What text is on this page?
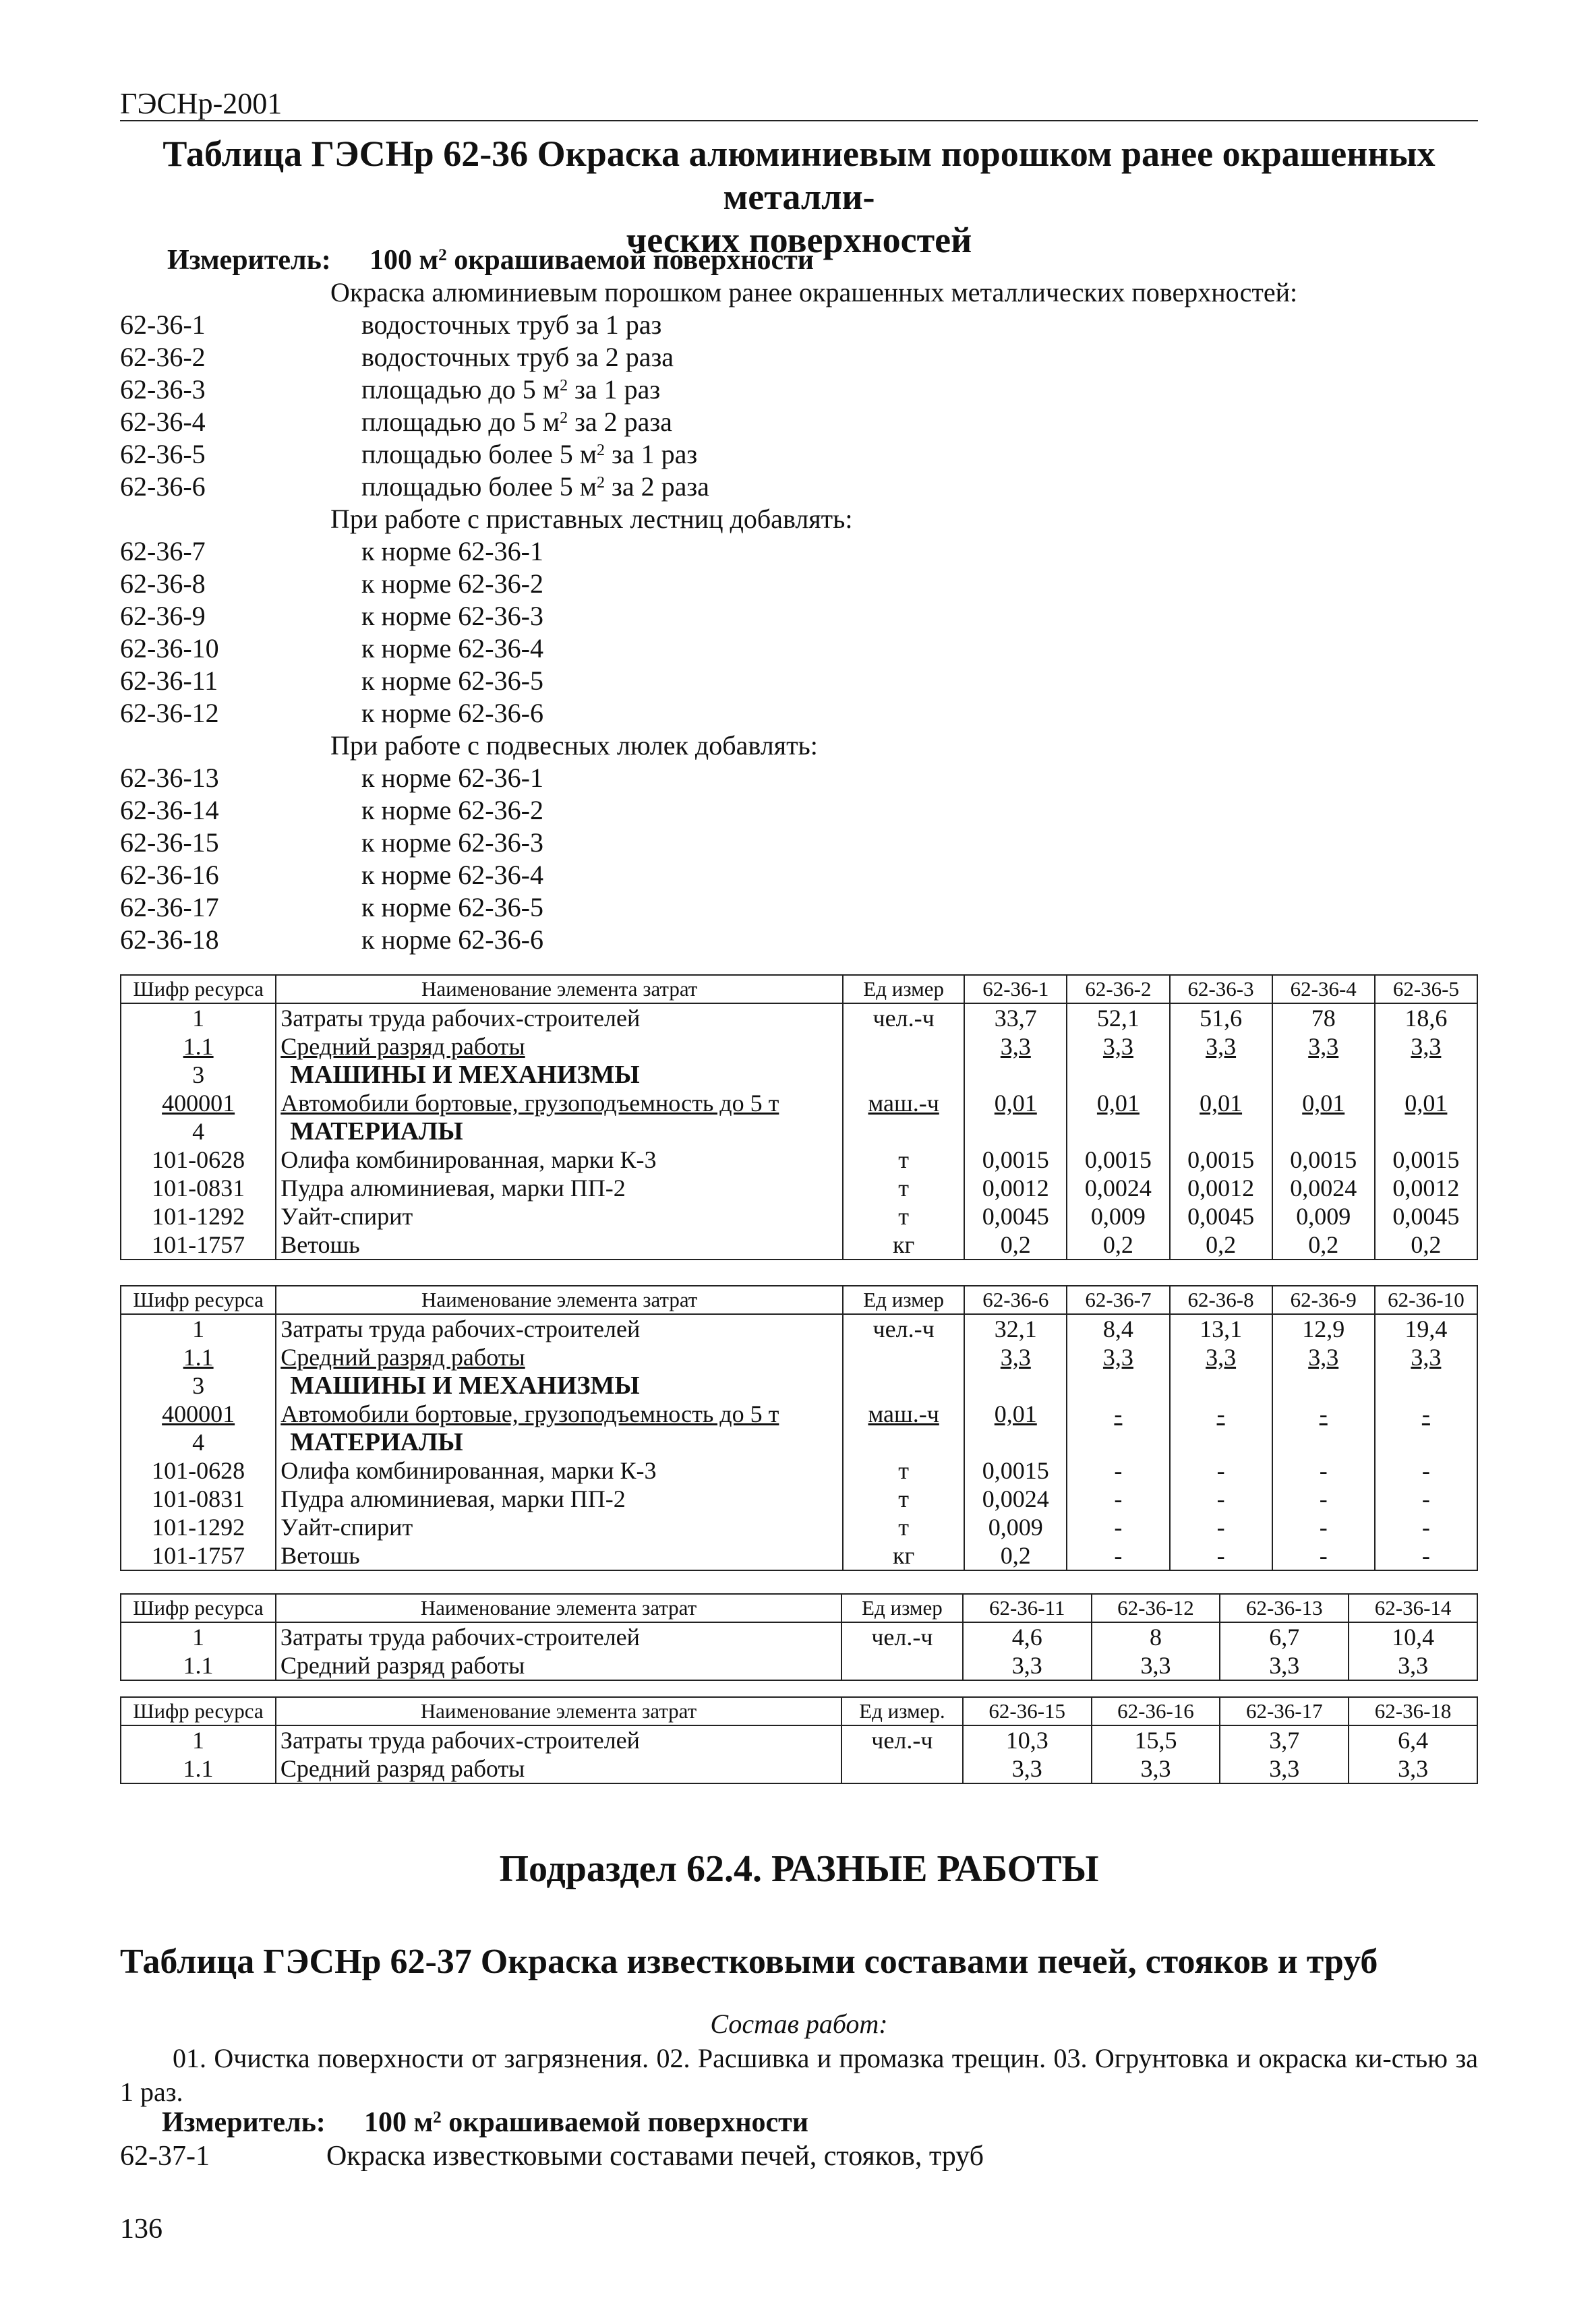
ГЭСНр-2001
Таблица ГЭСНр 62-36 Окраска алюминиевым порошком ранее окрашенных металли-
ческих поверхностей
Измеритель: 100 $м^2$ окрашиваемой поверхности
Окраска алюминиевым порошком ранее окрашенных металлических поверхностей:
62-36-1	водосточных труб за 1 раз
62-36-2	водосточных труб за 2 раза
62-36-3	площадью до 5 $м^2$ за 1 раз
62-36-4	площадью до 5 $м^2$ за 2 раза
62-36-5	площадью более 5 $м^2$ за 1 раз
62-36-6	площадью более 5 $м^2$ за 2 раза
При работе с приставных лестниц добавлять:
62-36-7	к норме 62-36-1
62-36-8	к норме 62-36-2
62-36-9	к норме 62-36-3
62-36-10	к норме 62-36-4
62-36-11	к норме 62-36-5
62-36-12	к норме 62-36-6
При работе с подвесных люлек добавлять:
62-36-13	к норме 62-36-1
62-36-14	к норме 62-36-2
62-36-15	к норме 62-36-3
62-36-16	к норме 62-36-4
62-36-17	к норме 62-36-5
62-36-18	к норме 62-36-6
Шифр ресурса	Наименование элемента затрат	Ед измер	62-36-1	62-36-2	62-36-3	62-36-4	62-36-5
1	Затраты труда рабочих-строителей	чел.-ч	33,7	52,1	51,6	78	18,6
1.1	Средний разряд работы		3,3	3,3	3,3	3,3	3,3
3	МАШИНЫ И МЕХАНИЗМЫ						
400001	Автомобили бортовые, грузоподъемность до 5 т	маш.-ч	0,01	0,01	0,01	0,01	0,01
4	МАТЕРИАЛЫ						
101-0628	Олифа комбинированная, марки К-3	т	0,0015	0,0015	0,0015	0,0015	0,0015
101-0831	Пудра алюминиевая, марки ПП-2	т	0,0012	0,0024	0,0012	0,0024	0,0012
101-1292	Уайт-спирит	т	0,0045	0,009	0,0045	0,009	0,0045
101-1757	Ветошь	кг	0,2	0,2	0,2	0,2	0,2
Шифр ресурса	Наименование элемента затрат	Ед измер	62-36-6	62-36-7	62-36-8	62-36-9	62-36-10
1	Затраты труда рабочих-строителей	чел.-ч	32,1	8,4	13,1	12,9	19,4
1.1	Средний разряд работы		3,3	3,3	3,3	3,3	3,3
3	МАШИНЫ И МЕХАНИЗМЫ						
400001	Автомобили бортовые, грузоподъемность до 5 т	маш.-ч	0,01	-	-	-	-
4	МАТЕРИАЛЫ						
101-0628	Олифа комбинированная, марки К-3	т	0,0015	-	-	-	-
101-0831	Пудра алюминиевая, марки ПП-2	т	0,0024	-	-	-	-
101-1292	Уайт-спирит	т	0,009	-	-	-	-
101-1757	Ветошь	кг	0,2	-	-	-	-
Шифр ресурса	Наименование элемента затрат	Ед измер	62-36-11	62-36-12	62-36-13	62-36-14
1	Затраты труда рабочих-строителей	чел.-ч	4,6	8	6,7	10,4
1.1	Средний разряд работы		3,3	3,3	3,3	3,3
Шифр ресурса	Наименование элемента затрат	Ед измер.	62-36-15	62-36-16	62-36-17	62-36-18
1	Затраты труда рабочих-строителей	чел.-ч	10,3	15,5	3,7	6,4
1.1	Средний разряд работы		3,3	3,3	3,3	3,3
Подраздел 62.4. РАЗНЫЕ РАБОТЫ
Таблица ГЭСНр 62-37 Окраска известковыми составами печей, стояков и труб
Состав работ:
01. Очистка поверхности от загрязнения. 02. Расшивка и промазка трещин. 03. Огрунтовка и окраска ки-стью за 1 раз.
Измеритель: 100 $м^2$ окрашиваемой поверхности
62-37-1	Окраска известковыми составами печей, стояков, труб
136
